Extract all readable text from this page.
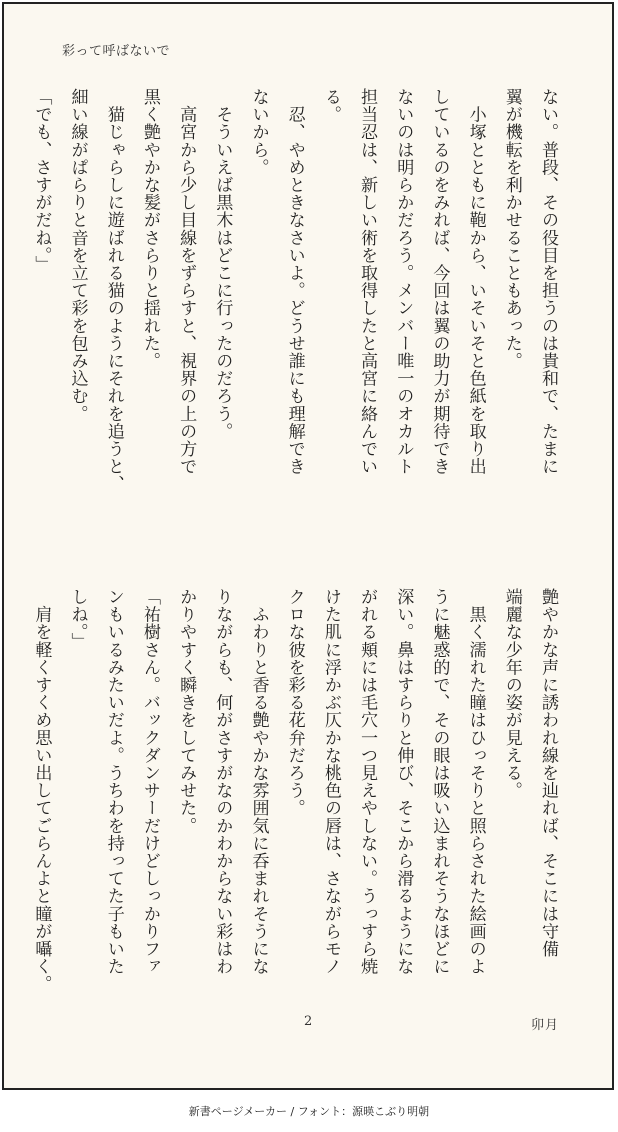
彩って呼ばないで
ない。普段、その役目を担うのは貴和で、たまに
翼が機転を利かせることもあった。
　小塚とともに鞄から、いそいそと色紙を取り出
しているのをみれば、今回は翼の助力が期待でき
ないのは明らかだろう。メンバー唯一のオカルト
担当忍は、新しい術を取得したと高宮に絡んでい
る。
　忍、やめときなさいよ。どうせ誰にも理解でき
ないから。
　そういえば黒木はどこに行ったのだろう。
　高宮から少し目線をずらすと、視界の上の方で
黒く艶やかな髪がさらりと揺れた。
　猫じゃらしに遊ばれる猫のようにそれを追うと、
細い線がぱらりと音を立て彩を包み込む。
「でも、さすがだね。」
艶やかな声に誘われ線を辿れば、そこには守備
端麗な少年の姿が見える。
　黒く濡れた瞳はひっそりと照らされた絵画のよ
うに魅惑的で、その眼は吸い込まれそうなほどに
深い。鼻はすらりと伸び、そこから滑るようにな
がれる頬には毛穴一つ見えやしない。うっすら焼
けた肌に浮かぶ仄かな桃色の唇は、さながらモノ
クロな彼を彩る花弁だろう。
　ふわりと香る艶やかな雰囲気に呑まれそうにな
りながらも、何がさすがなのかわからない彩はわ
かりやすく瞬きをしてみせた。
「祐樹さん。バックダンサーだけどしっかりファ
ンもいるみたいだよ。うちわを持ってた子もいた
しね。」
　肩を軽くすくめ思い出してごらんよと瞳が囁く。
2	卯月
新書ページメーカー / フォント：源暎こぶり明朝
